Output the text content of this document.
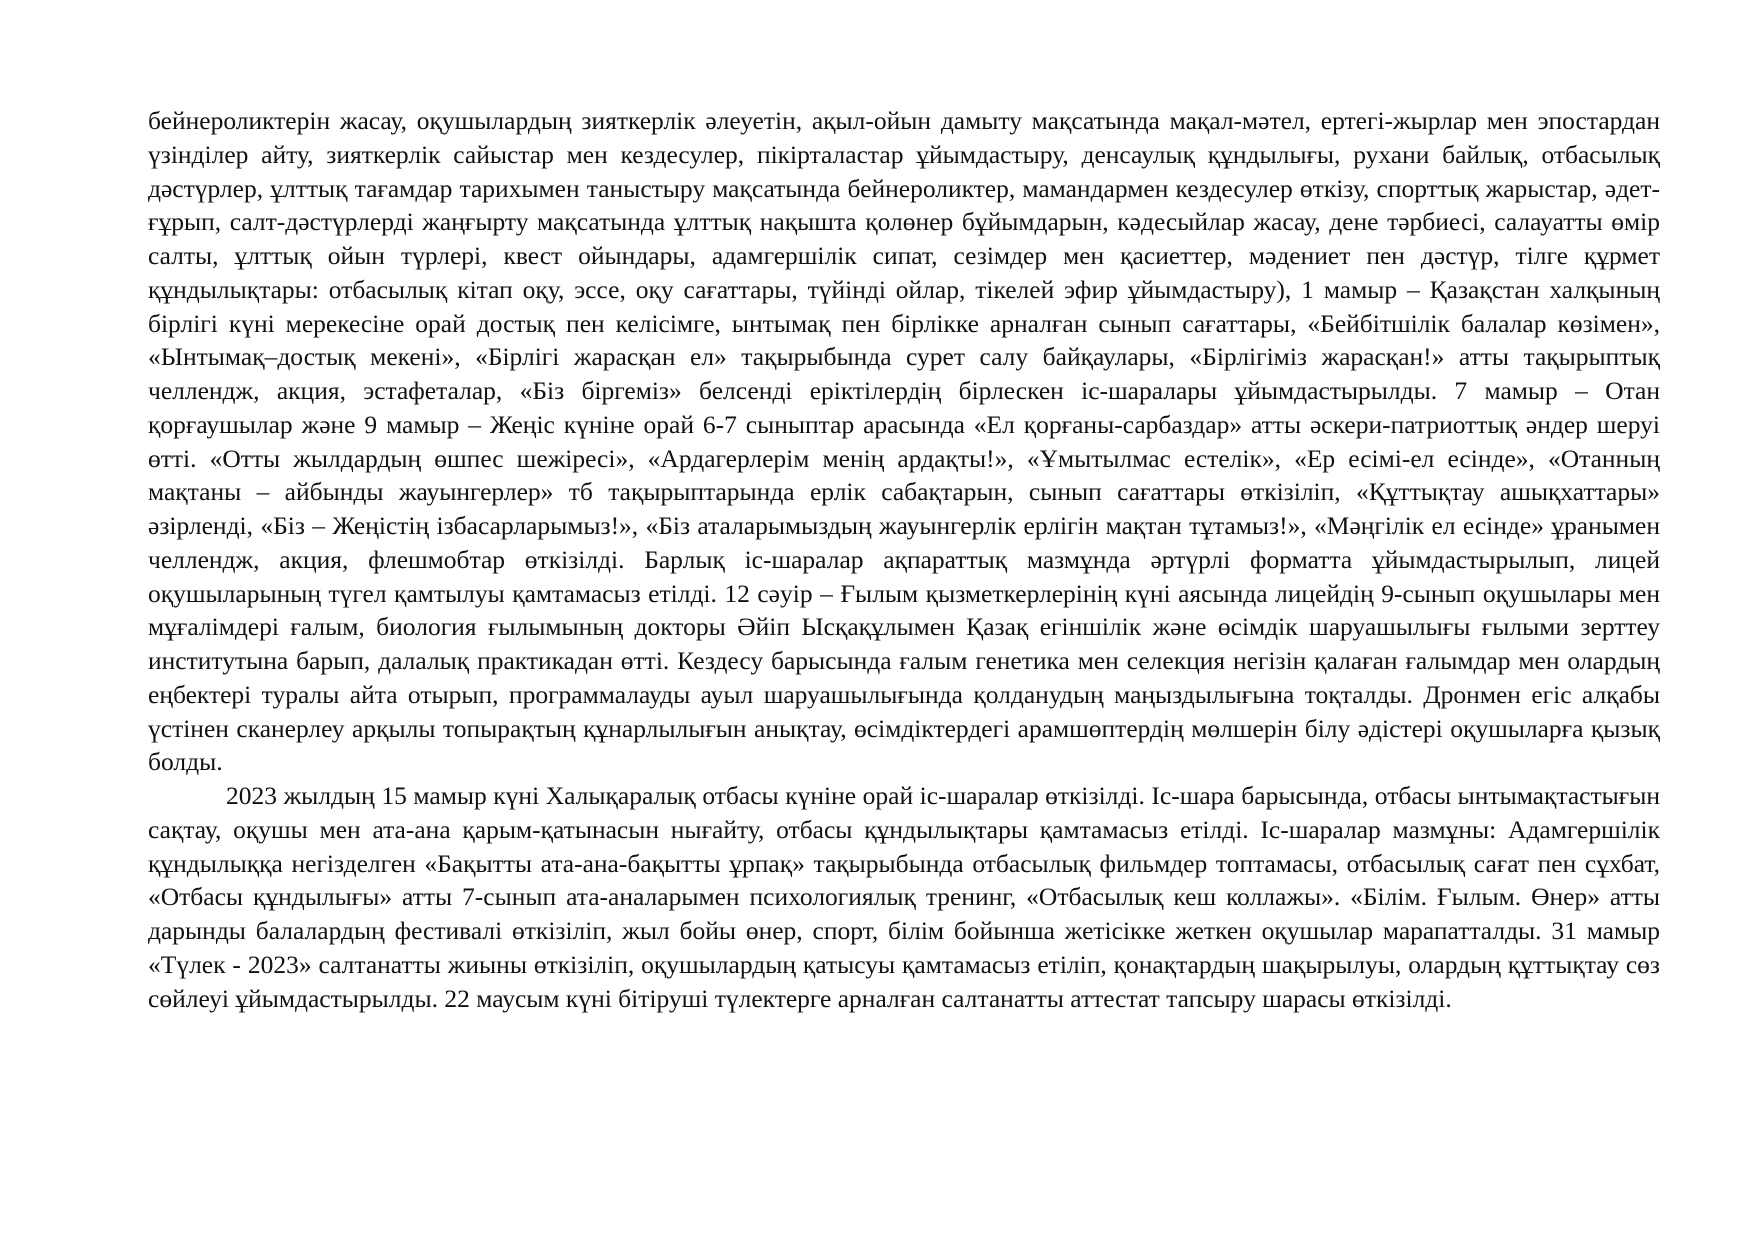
бейнероликтерін жасау, оқушылардың зияткерлік әлеуетін, ақыл-ойын дамыту мақсатында мақал-мәтел, ертегі-жырлар мен эпостардан үзінділер айту, зияткерлік сайыстар мен кездесулер, пікірталастар ұйымдастыру, денсаулық құндылығы, рухани байлық, отбасылық дәстүрлер, ұлттық тағамдар тарихымен таныстыру мақсатында бейнероликтер, мамандармен кездесулер өткізу, спорттық жарыстар, әдет-ғұрып, салт-дәстүрлерді жаңғырту мақсатында ұлттық нақышта қолөнер бұйымдарын, кәдесыйлар жасау, дене тәрбиесі, салауатты өмір салты, ұлттық ойын түрлері, квест ойындары, адамгершілік сипат, сезімдер мен қасиеттер, мәдениет пен дәстүр, тілге құрмет құндылықтары: отбасылық кітап оқу, эссе, оқу сағаттары, түйінді ойлар, тікелей эфир ұйымдастыру), 1 мамыр – Қазақстан халқының бірлігі күні мерекесіне орай достық пен келісімге, ынтымақ пен бірлікке арналған сынып сағаттары, «Бейбітшілік балалар көзімен», «Ынтымақ–достық мекені», «Бірлігі жарасқан ел» тақырыбында сурет салу байқаулары, «Бірлігіміз жарасқан!» атты тақырыптық челлендж, акция, эстафеталар, «Біз біргеміз» белсенді еріктілердің бірлескен іс-шаралары ұйымдастырылды. 7 мамыр – Отан қорғаушылар және 9 мамыр – Жеңіс күніне орай 6-7 сыныптар арасында «Ел қорғаны-сарбаздар» атты әскери-патриоттық әндер шеруі өтті. «Отты жылдардың өшпес шежіресі», «Ардагерлерім менің ардақты!», «Ұмытылмас естелік», «Ер есімі-ел есінде», «Отанның мақтаны – айбынды жауынгерлер» тб тақырыптарында ерлік сабақтарын, сынып сағаттары өткізіліп, «Құттықтау ашықхаттары» әзірленді, «Біз – Жеңістің ізбасарларымыз!», «Біз аталарымыздың жауынгерлік ерлігін мақтан тұтамыз!», «Мәңгілік ел есінде» ұранымен челлендж, акция, флешмобтар өткізілді. Барлық іс-шаралар ақпараттық мазмұнда әртүрлі форматта ұйымдастырылып, лицей оқушыларының түгел қамтылуы қамтамасыз етілді. 12 сәуір – Ғылым қызметкерлерінің күні аясында лицейдің 9-сынып оқушылары мен мұғалімдері ғалым, биология ғылымының докторы Әйіп Ысқақұлымен Қазақ егіншілік және өсімдік шаруашылығы ғылыми зерттеу институтына барып, далалық практикадан өтті. Кездесу барысында ғалым генетика мен селекция негізін қалаған ғалымдар мен олардың еңбектері туралы айта отырып, программалауды ауыл шаруашылығында қолданудың маңыздылығына тоқталды. Дронмен егіс алқабы үстінен сканерлеу арқылы топырақтың құнарлылығын анықтау, өсімдіктердегі арамшөптердің мөлшерін білу әдістері оқушыларға қызық болды.

2023 жылдың 15 мамыр күні Халықаралық отбасы күніне орай іс-шаралар өткізілді. Іс-шара барысында, отбасы ынтымақтастығын сақтау, оқушы мен ата-ана қарым-қатынасын нығайту, отбасы құндылықтары қамтамасыз етілді. Іс-шаралар мазмұны: Адамгершілік құндылыққа негізделген «Бақытты ата-ана-бақытты ұрпақ» тақырыбында отбасылық фильмдер топтамасы, отбасылық сағат пен сұхбат, «Отбасы құндылығы» атты 7-сынып ата-аналарымен психологиялық тренинг, «Отбасылық кеш коллажы». «Білім. Ғылым. Өнер» атты дарынды балалардың фестивалі өткізіліп, жыл бойы өнер, спорт, білім бойынша жетісікке жеткен оқушылар марапатталды. 31 мамыр «Түлек - 2023» салтанатты жиыны өткізіліп, оқушылардың қатысуы қамтамасыз етіліп, қонақтардың шақырылуы, олардың құттықтау сөз сөйлеуі ұйымдастырылды. 22 маусым күні бітіруші түлектерге арналған салтанатты аттестат тапсыру шарасы өткізілді.
